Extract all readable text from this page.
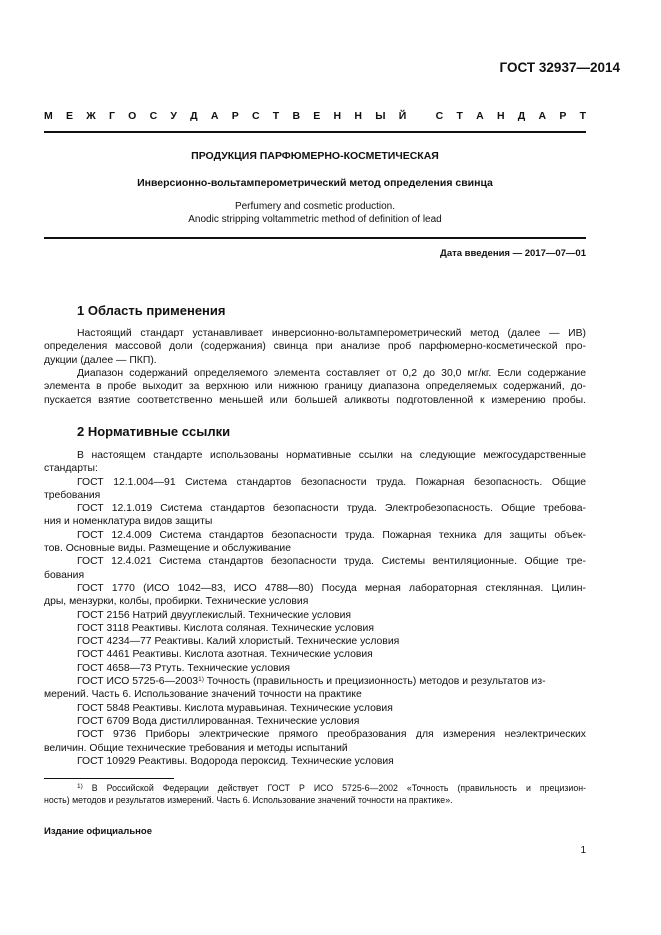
ГОСТ 32937—2014
М Е Ж Г О С У Д А Р С Т В Е Н Н Ы Й
	С Т А Н Д А Р Т
ПРОДУКЦИЯ ПАРФЮМЕРНО-КОСМЕТИЧЕСКАЯ
Инверсионно-вольтамперометрический метод определения свинца
Perfumery and cosmetic production.
Anodic stripping voltammetric method of definition of lead
Дата введения — 2017—07—01
1 Область применения
Настоящий стандарт устанавливает инверсионно-вольтамперометрический метод (далее — ИВ)
определения массовой доли (содержания) свинца при анализе проб парфюмерно-косметической про-
дукции (далее — ПКП).
Диапазон содержаний определяемого элемента составляет от 0,2 до 30,0 мг/кг. Если содержание
элемента в пробе выходит за верхнюю или нижнюю границу диапазона определяемых содержаний, до-
пускается взятие соответственно меньшей или большей аликвоты подготовленной к измерению пробы.
2 Нормативные ссылки
В настоящем стандарте использованы нормативные ссылки на следующие межгосударственные
стандарты:
ГОСТ 12.1.004—91 Система стандартов безопасности труда. Пожарная безопасность. Общие
требования
ГОСТ 12.1.019 Система стандартов безопасности труда. Электробезопасность. Общие требова-
ния и номенклатура видов защиты
ГОСТ 12.4.009 Система стандартов безопасности труда. Пожарная техника для защиты объек-
тов. Основные виды. Размещение и обслуживание
ГОСТ 12.4.021 Система стандартов безопасности труда. Системы вентиляционные. Общие тре-
бования
ГОСТ 1770 (ИСО 1042—83, ИСО 4788—80) Посуда мерная лабораторная стеклянная. Цилин-
дры, мензурки, колбы, пробирки. Технические условия
ГОСТ 2156 Натрий двууглекислый. Технические условия
ГОСТ 3118 Реактивы. Кислота соляная. Технические условия
ГОСТ 4234—77 Реактивы. Калий хлористый. Технические условия
ГОСТ 4461 Реактивы. Кислота азотная. Технические условия
ГОСТ 4658—73 Ртуть. Технические условия
ГОСТ ИСО 5725-6—2003$^{1)}$ Точность (правильность и прецизионность) методов и результатов из-
мерений. Часть 6. Использование значений точности на практике
ГОСТ 5848 Реактивы. Кислота муравьиная. Технические условия
ГОСТ 6709 Вода дистиллированная. Технические условия
ГОСТ 9736 Приборы электрические прямого преобразования для измерения неэлектрических
величин. Общие технические требования и методы испытаний
ГОСТ 10929 Реактивы. Водорода пероксид. Технические условия
$^{1)}$ В Российской Федерации действует ГОСТ Р ИСО 5725-6—2002 «Точность (правильность и прецизион-
ность) методов и результатов измерений. Часть 6. Использование значений точности на практике».
Издание официальное
1
